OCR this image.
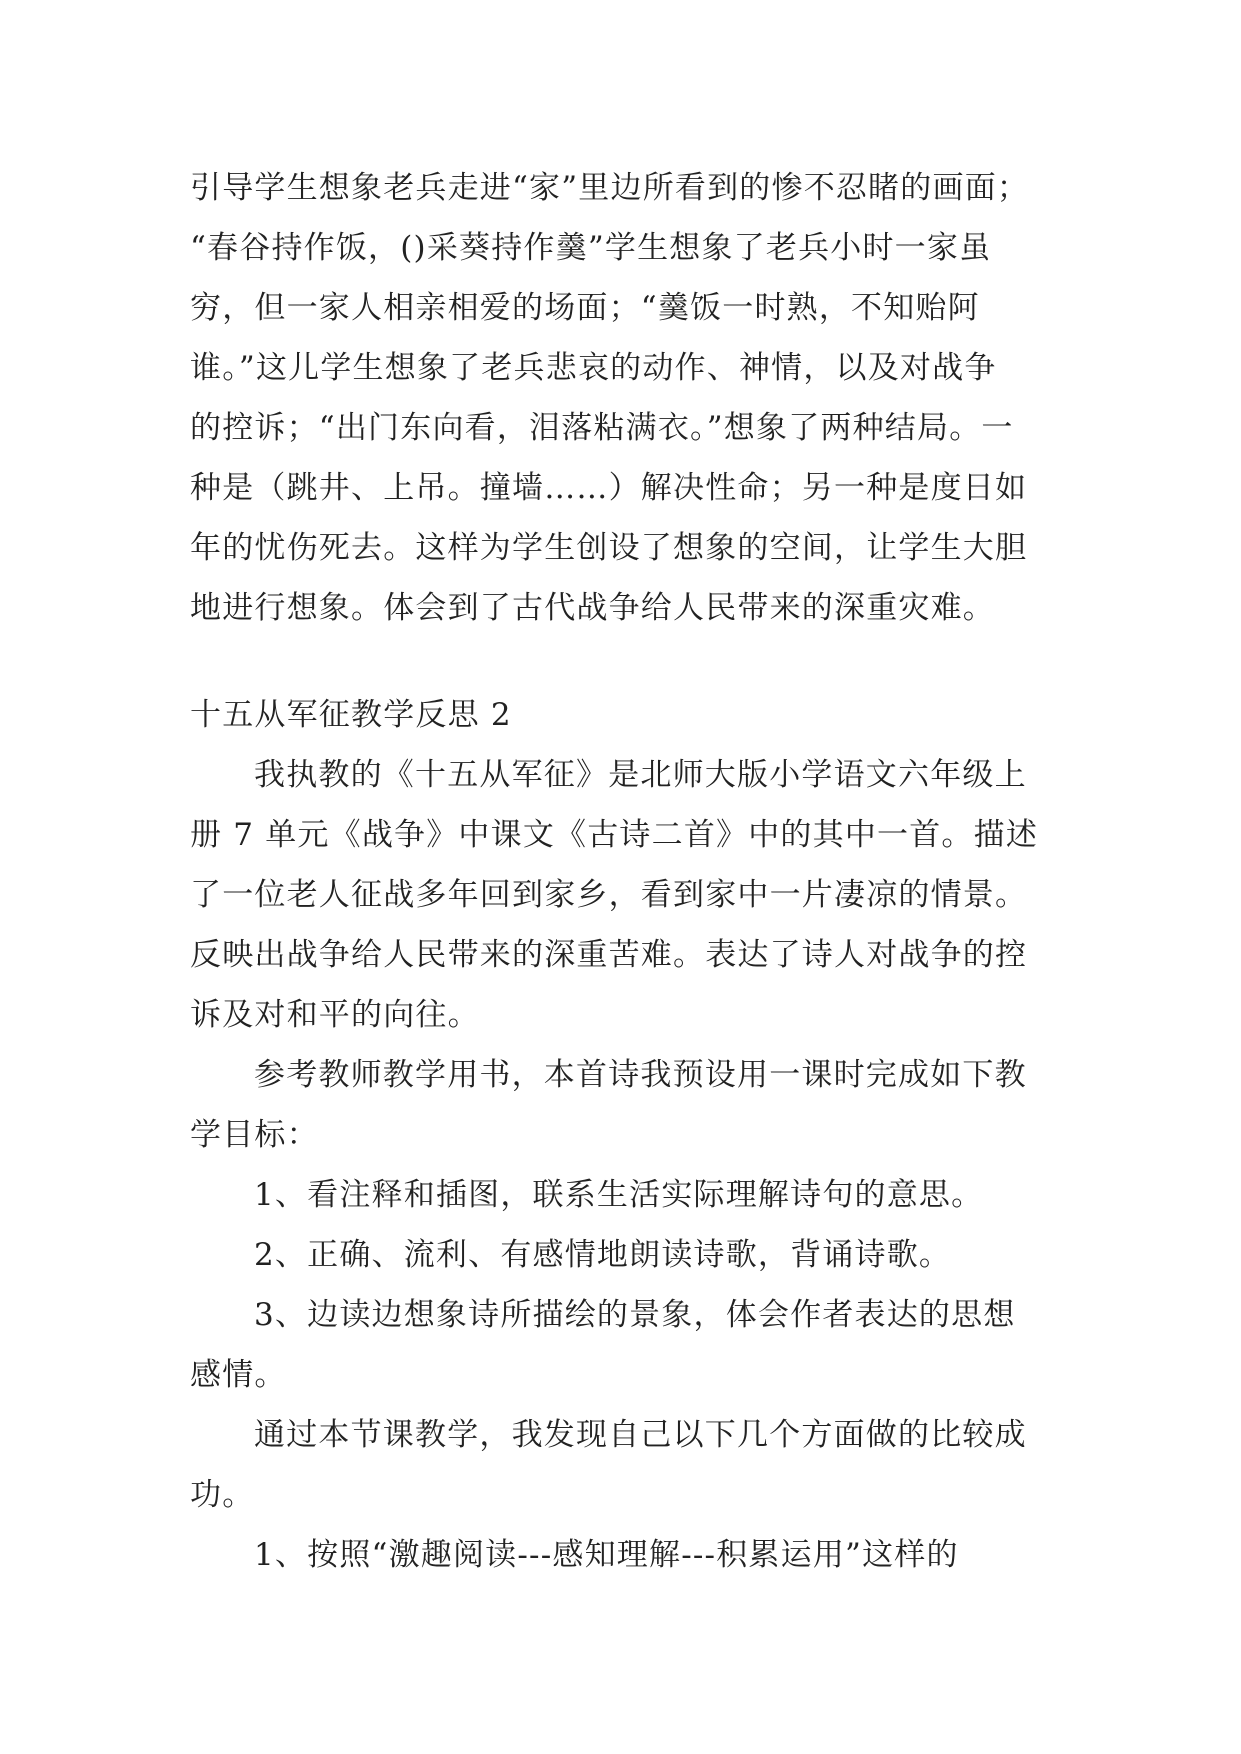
引导学生想象老兵走进“家”里边所看到的惨不忍睹的画面；
“春谷持作饭，()采葵持作羹”学生想象了老兵小时一家虽
穷，但一家人相亲相爱的场面；“羹饭一时熟，不知贻阿
谁。”这儿学生想象了老兵悲哀的动作、神情，以及对战争
的控诉；“出门东向看，泪落粘满衣。”想象了两种结局。一
种是（跳井、上吊。撞墙……）解决性命；另一种是度日如
年的忧伤死去。这样为学生创设了想象的空间，让学生大胆
地进行想象。体会到了古代战争给人民带来的深重灾难。
十五从军征教学反思 2
我执教的《十五从军征》是北师大版小学语文六年级上
册 7 单元《战争》中课文《古诗二首》中的其中一首。描述
了一位老人征战多年回到家乡，看到家中一片凄凉的情景。
反映出战争给人民带来的深重苦难。表达了诗人对战争的控
诉及对和平的向往。
参考教师教学用书，本首诗我预设用一课时完成如下教
学目标：
1、看注释和插图，联系生活实际理解诗句的意思。
2、正确、流利、有感情地朗读诗歌，背诵诗歌。
3、边读边想象诗所描绘的景象，体会作者表达的思想
感情。
通过本节课教学，我发现自己以下几个方面做的比较成
功。
1、按照“激趣阅读---感知理解---积累运用”这样的
